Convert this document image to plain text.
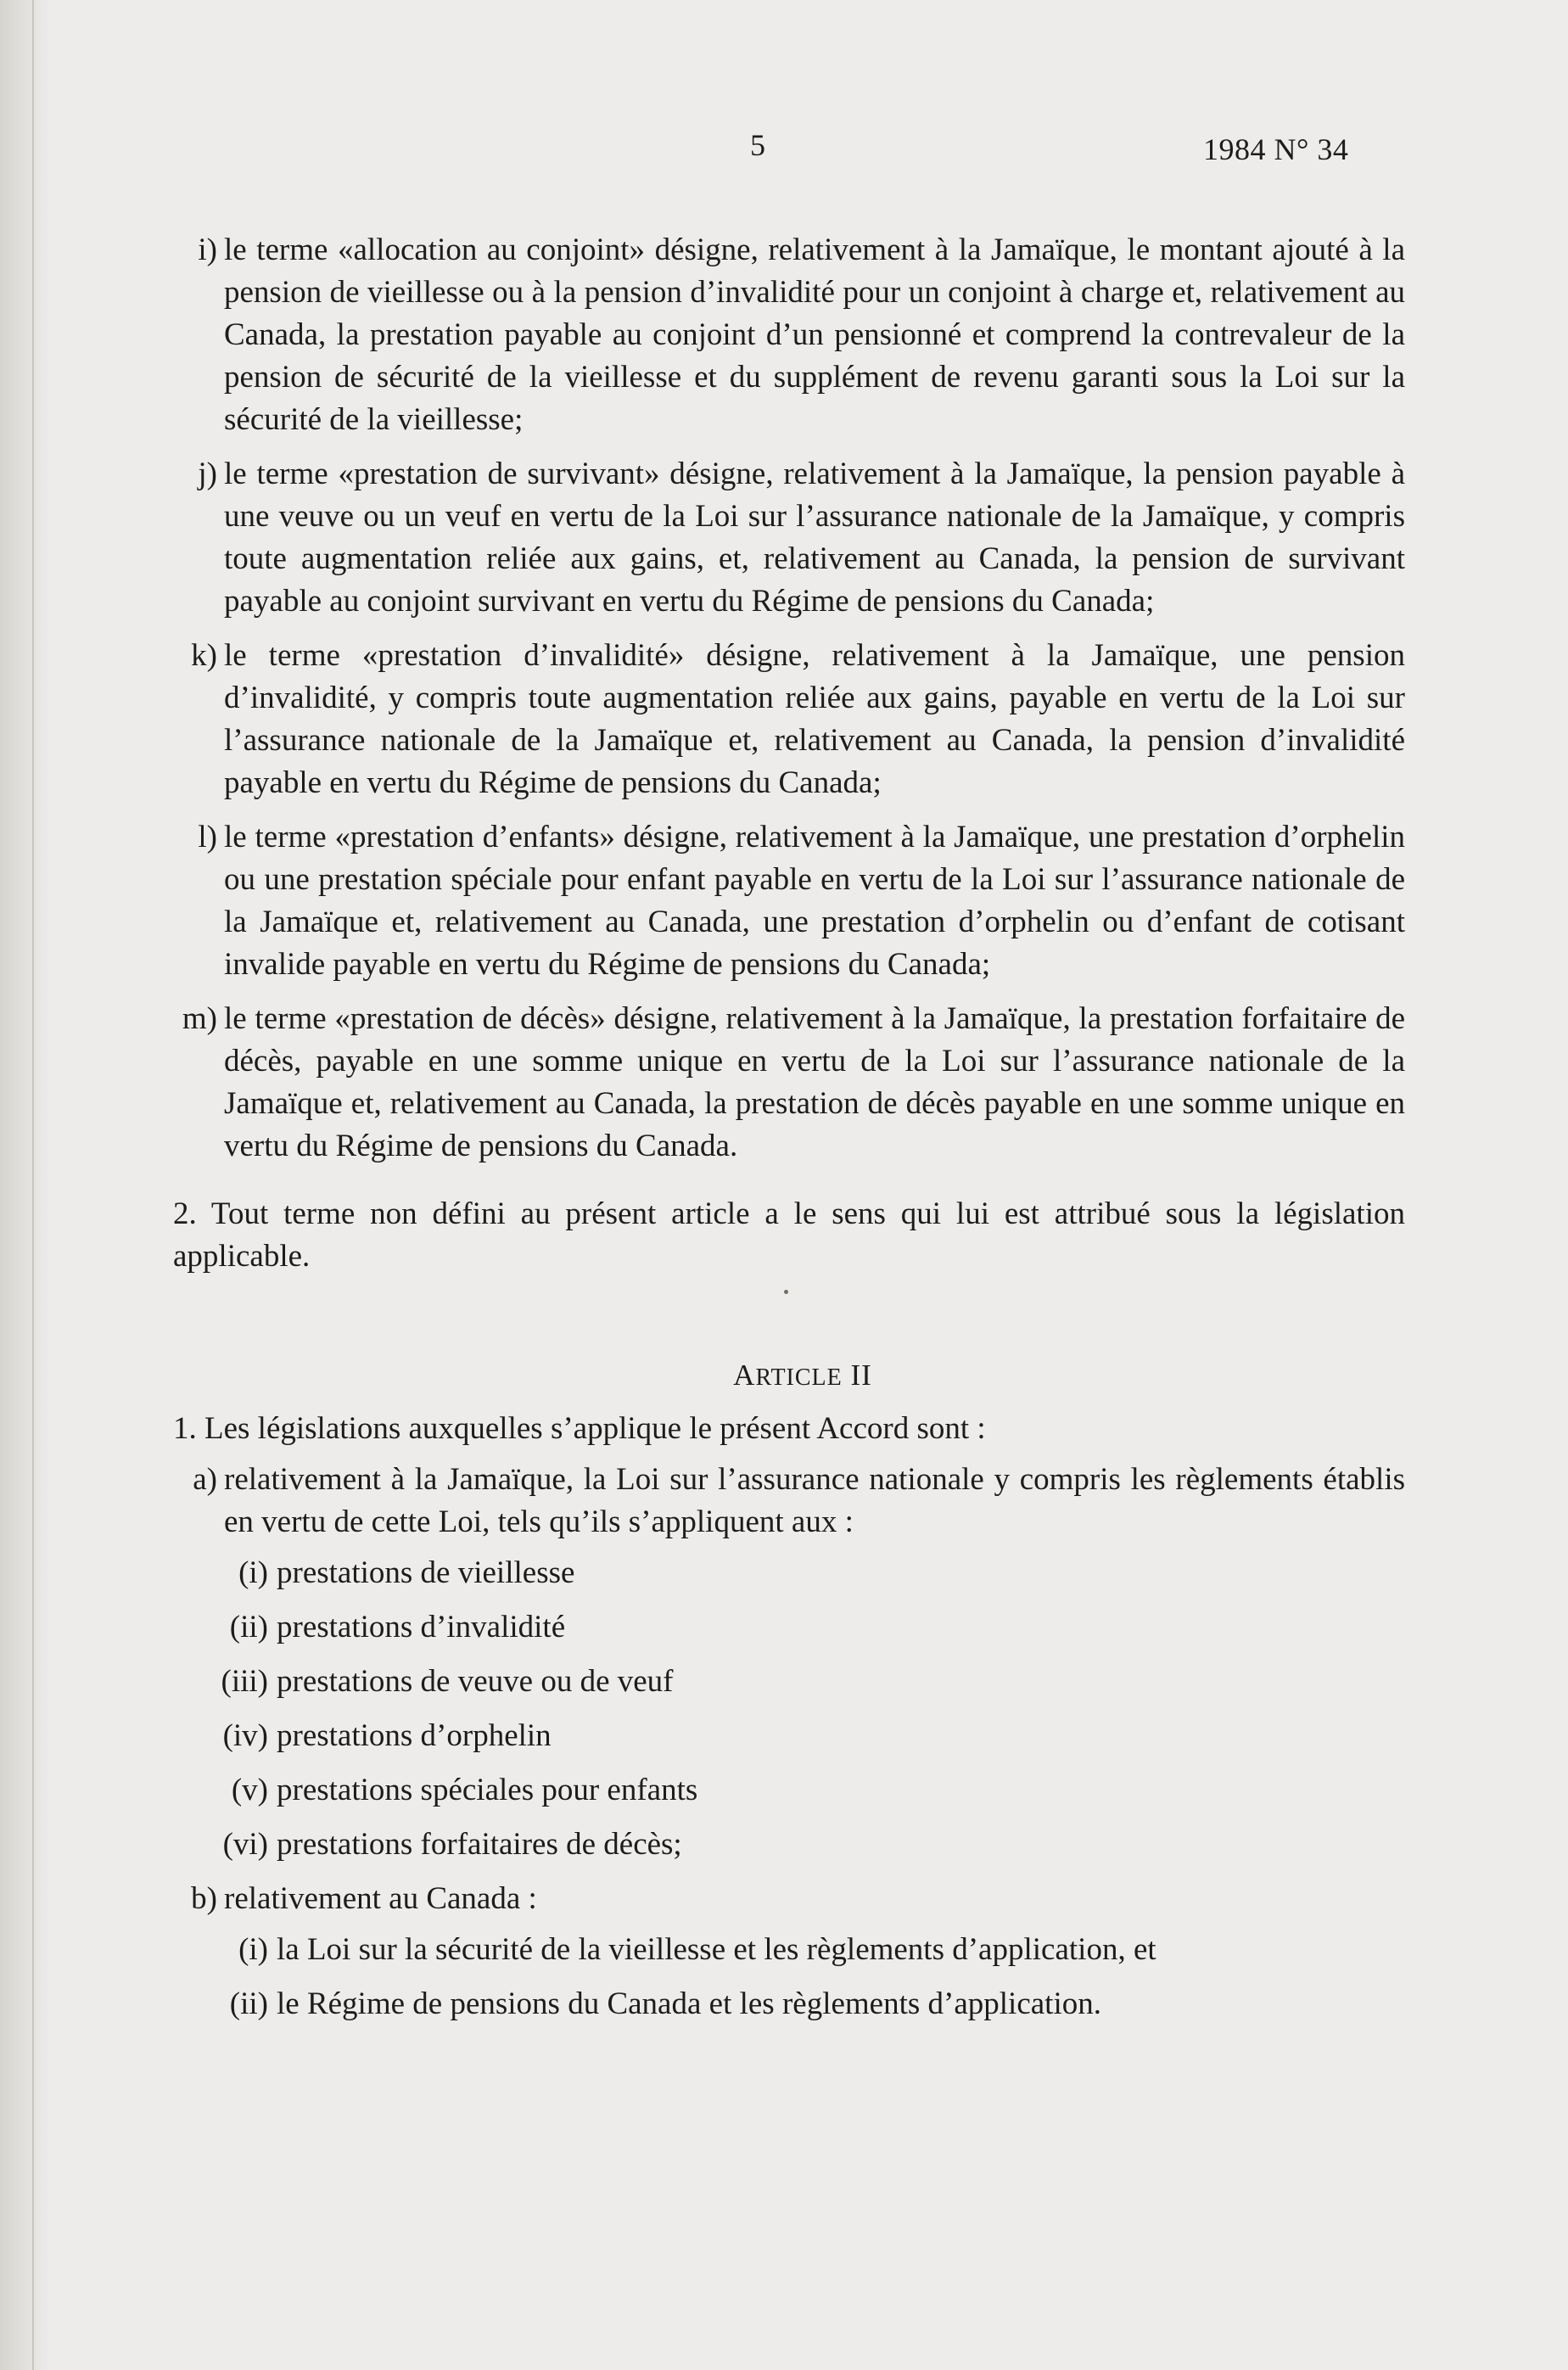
5	1984 N° 34
i) le terme «allocation au conjoint» désigne, relativement à la Jamaïque, le montant ajouté à la pension de vieillesse ou à la pension d’invalidité pour un conjoint à charge et, relativement au Canada, la prestation payable au conjoint d’un pensionné et comprend la contrevaleur de la pension de sécurité de la vieillesse et du supplément de revenu garanti sous la Loi sur la sécurité de la vieillesse;
j) le terme «prestation de survivant» désigne, relativement à la Jamaïque, la pension payable à une veuve ou un veuf en vertu de la Loi sur l’assurance nationale de la Jamaïque, y compris toute augmentation reliée aux gains, et, relativement au Canada, la pension de survivant payable au conjoint survivant en vertu du Régime de pensions du Canada;
k) le terme «prestation d’invalidité» désigne, relativement à la Jamaïque, une pension d’invalidité, y compris toute augmentation reliée aux gains, payable en vertu de la Loi sur l’assurance nationale de la Jamaïque et, relativement au Canada, la pension d’invalidité payable en vertu du Régime de pensions du Canada;
l) le terme «prestation d’enfants» désigne, relativement à la Jamaïque, une prestation d’orphelin ou une prestation spéciale pour enfant payable en vertu de la Loi sur l’assurance nationale de la Jamaïque et, relativement au Canada, une prestation d’orphelin ou d’enfant de cotisant invalide payable en vertu du Régime de pensions du Canada;
m) le terme «prestation de décès» désigne, relativement à la Jamaïque, la prestation forfaitaire de décès, payable en une somme unique en vertu de la Loi sur l’assurance nationale de la Jamaïque et, relativement au Canada, la prestation de décès payable en une somme unique en vertu du Régime de pensions du Canada.
2. Tout terme non défini au présent article a le sens qui lui est attribué sous la législation applicable.
ARTICLE II
1. Les législations auxquelles s’applique le présent Accord sont :
a) relativement à la Jamaïque, la Loi sur l’assurance nationale y compris les règlements établis en vertu de cette Loi, tels qu’ils s’appliquent aux :
(i) prestations de vieillesse
(ii) prestations d’invalidité
(iii) prestations de veuve ou de veuf
(iv) prestations d’orphelin
(v) prestations spéciales pour enfants
(vi) prestations forfaitaires de décès;
b) relativement au Canada :
(i) la Loi sur la sécurité de la vieillesse et les règlements d’application, et
(ii) le Régime de pensions du Canada et les règlements d’application.
